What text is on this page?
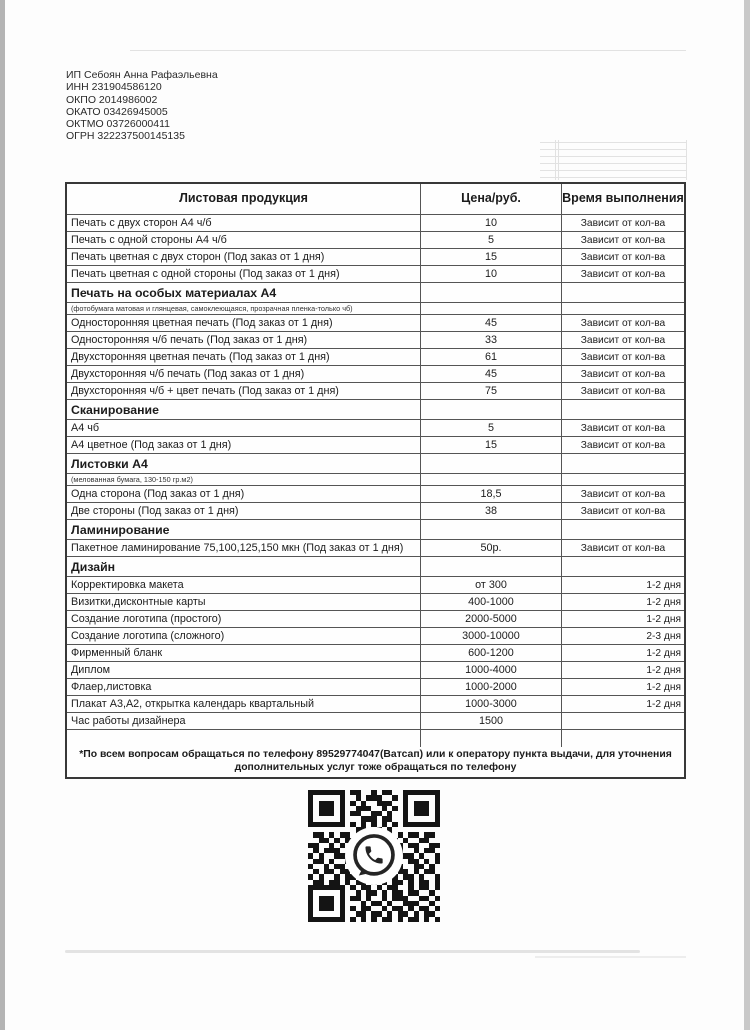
ИП Себоян Анна Рафаэльевна
ИНН 231904586120
ОКПО 2014986002
ОКАТО 03426945005
ОКТМО 03726000411
ОГРН 322237500145135
Листовая продукция	Цена/руб.	Время выполнения
Печать с двух сторон А4 ч/б	10	Зависит от кол-ва
Печать с одной стороны А4 ч/б	5	Зависит от кол-ва
Печать цветная с двух сторон (Под заказ от 1 дня)	15	Зависит от кол-ва
Печать цветная с одной стороны (Под заказ от 1 дня)	10	Зависит от кол-ва
Печать на особых материалах А4
(фотобумага матовая и глянцевая, самоклеющаяся, прозрачная пленка-только чб)
Односторонняя цветная печать (Под заказ от 1 дня)	45	Зависит от кол-ва
Односторонняя ч/б печать (Под заказ от 1 дня)	33	Зависит от кол-ва
Двухсторонняя цветная печать (Под заказ от 1 дня)	61	Зависит от кол-ва
Двухсторонняя ч/б печать (Под заказ от 1 дня)	45	Зависит от кол-ва
Двухсторонняя ч/б + цвет печать (Под заказ от 1 дня)	75	Зависит от кол-ва
Сканирование
А4 чб	5	Зависит от кол-ва
А4 цветное (Под заказ от 1 дня)	15	Зависит от кол-ва
Листовки А4
(мелованная бумага, 130-150 гр.м2)
Одна сторона (Под заказ от 1 дня)	18,5	Зависит от кол-ва
Две стороны (Под заказ от 1 дня)	38	Зависит от кол-ва
Ламинирование
Пакетное ламинирование 75,100,125,150 мкн (Под заказ от 1 дня)	50р.	Зависит от кол-ва
Дизайн
Корректировка макета	от 300	1-2 дня
Визитки,дисконтные карты	400-1000	1-2 дня
Создание логотипа (простого)	2000-5000	1-2 дня
Создание логотипа (сложного)	3000-10000	2-3 дня
Фирменный бланк	600-1200	1-2 дня
Диплом	1000-4000	1-2 дня
Флаер,листовка	1000-2000	1-2 дня
Плакат А3,А2, открытка календарь квартальный	1000-3000	1-2 дня
Час работы дизайнера	1500
*По всем вопросам обращаться по телефону 89529774047(Ватсап) или к оператору пункта выдачи, для уточнения
дополнительных услуг тоже обращаться по телефону
